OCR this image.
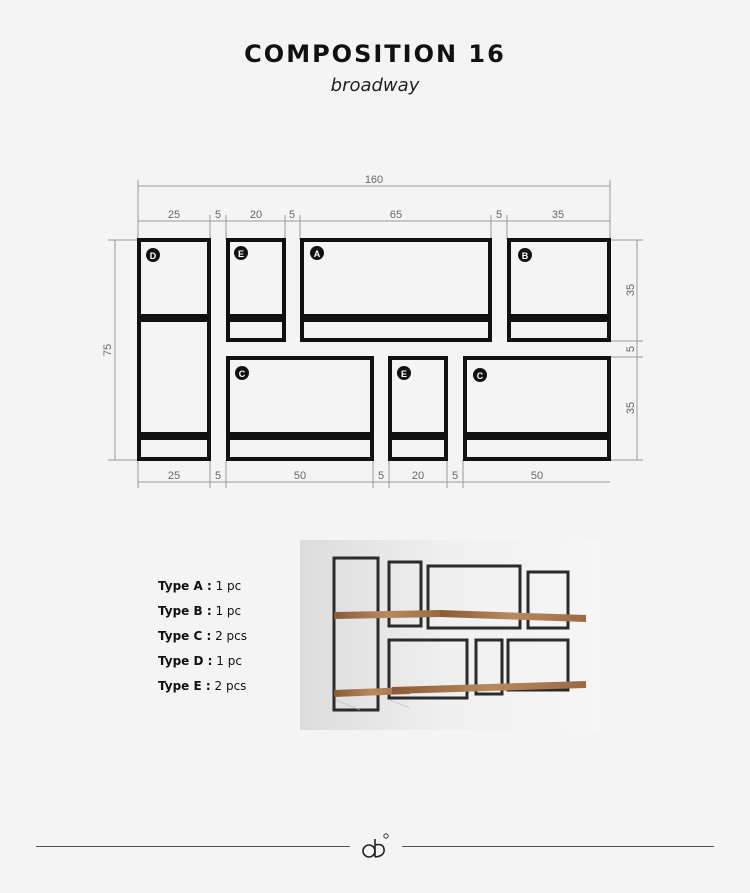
COMPOSITION 16
broadway
160
25	5	20 5	65	5	35
25	5	50	5	20	5	50
75
35
5
35
D	E	A	B
C	E	C
Type A : 1 pc
Type B : 1 pc
Type C : 2 pcs
Type D : 1 pc
Type E : 2 pcs
